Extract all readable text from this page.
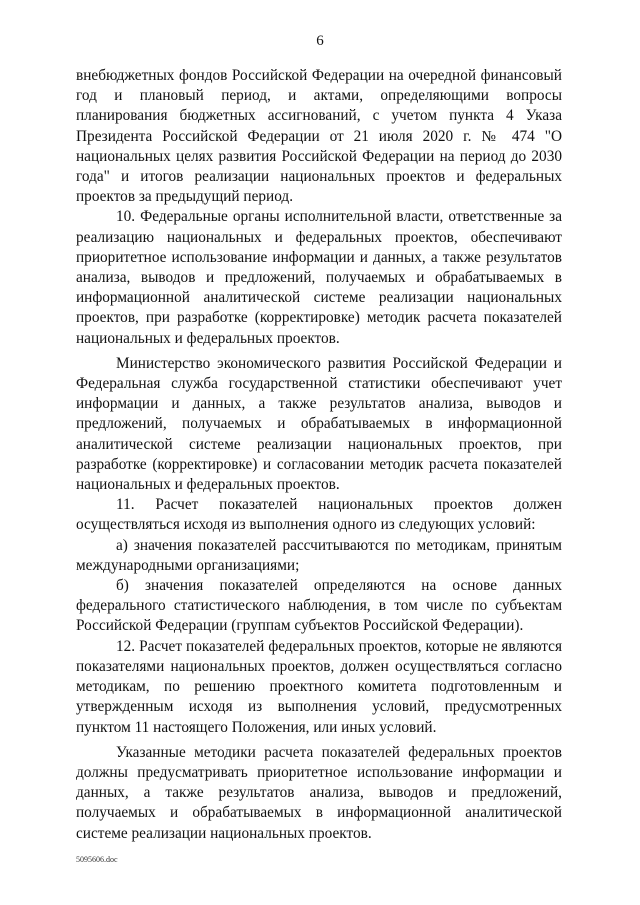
6

внебюджетных фондов Российской Федерации на очередной финансовый год и плановый период, и актами, определяющими вопросы планирования бюджетных ассигнований, с учетом пункта 4 Указа Президента Российской Федерации от 21 июля 2020 г. № 474 "О национальных целях развития Российской Федерации на период до 2030 года" и итогов реализации национальных проектов и федеральных проектов за предыдущий период.

10. Федеральные органы исполнительной власти, ответственные за реализацию национальных и федеральных проектов, обеспечивают приоритетное использование информации и данных, а также результатов анализа, выводов и предложений, получаемых и обрабатываемых в информационной аналитической системе реализации национальных проектов, при разработке (корректировке) методик расчета показателей национальных и федеральных проектов.

Министерство экономического развития Российской Федерации и Федеральная служба государственной статистики обеспечивают учет информации и данных, а также результатов анализа, выводов и предложений, получаемых и обрабатываемых в информационной аналитической системе реализации национальных проектов, при разработке (корректировке) и согласовании методик расчета показателей национальных и федеральных проектов.

11. Расчет показателей национальных проектов должен осуществляться исходя из выполнения одного из следующих условий:

а) значения показателей рассчитываются по методикам, принятым международными организациями;

б) значения показателей определяются на основе данных федерального статистического наблюдения, в том числе по субъектам Российской Федерации (группам субъектов Российской Федерации).

12. Расчет показателей федеральных проектов, которые не являются показателями национальных проектов, должен осуществляться согласно методикам, по решению проектного комитета подготовленным и утвержденным исходя из выполнения условий, предусмотренных пунктом 11 настоящего Положения, или иных условий.

Указанные методики расчета показателей федеральных проектов должны предусматривать приоритетное использование информации и данных, а также результатов анализа, выводов и предложений, получаемых и обрабатываемых в информационной аналитической системе реализации национальных проектов.

5095606.doc
